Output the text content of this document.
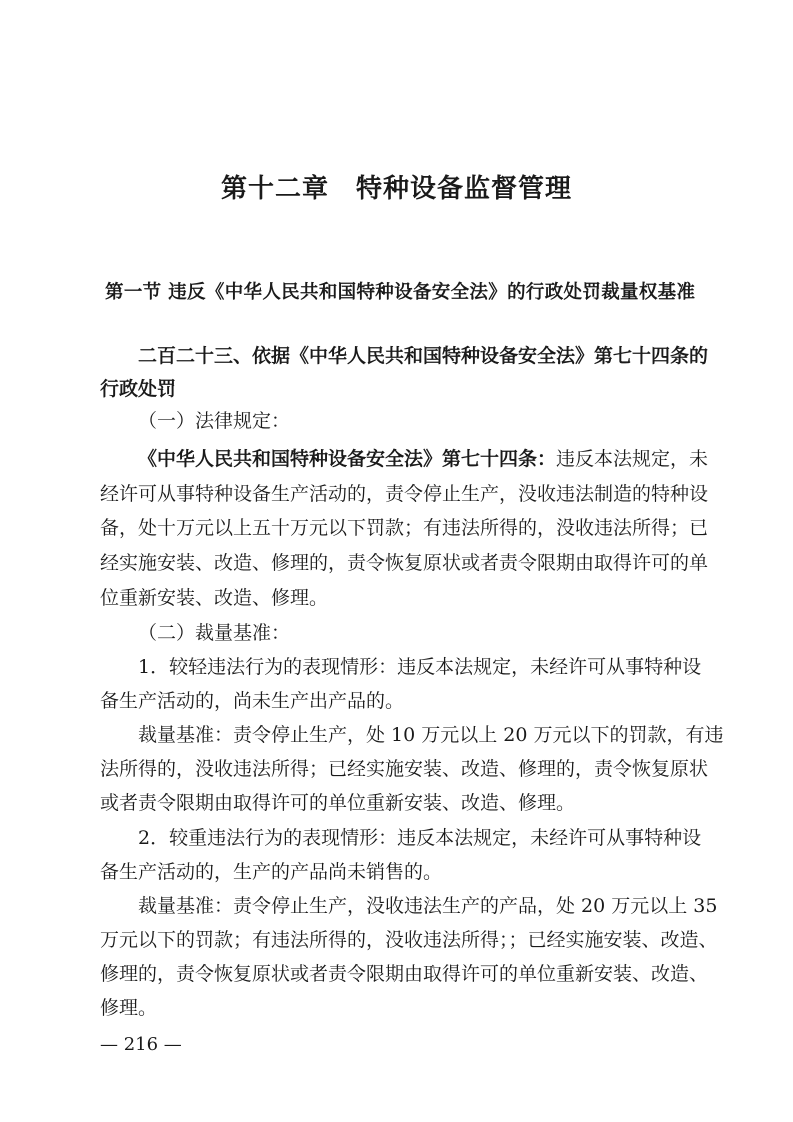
第十二章　特种设备监督管理
第一节 违反《中华人民共和国特种设备安全法》的行政处罚裁量权基准
二百二十三、依据《中华人民共和国特种设备安全法》第七十四条的
行政处罚
（一）法律规定：
《中华人民共和国特种设备安全法》第七十四条：违反本法规定，未
经许可从事特种设备生产活动的，责令停止生产，没收违法制造的特种设
备，处十万元以上五十万元以下罚款；有违法所得的，没收违法所得；已
经实施安装、改造、修理的，责令恢复原状或者责令限期由取得许可的单
位重新安装、改造、修理。
（二）裁量基准：
1．较轻违法行为的表现情形：违反本法规定，未经许可从事特种设
备生产活动的，尚未生产出产品的。
裁量基准：责令停止生产，处 10 万元以上 20 万元以下的罚款，有违
法所得的，没收违法所得；已经实施安装、改造、修理的，责令恢复原状
或者责令限期由取得许可的单位重新安装、改造、修理。
2．较重违法行为的表现情形：违反本法规定，未经许可从事特种设
备生产活动的，生产的产品尚未销售的。
裁量基准：责令停止生产，没收违法生产的产品，处 20 万元以上 35
万元以下的罚款；有违法所得的，没收违法所得；；已经实施安装、改造、
修理的，责令恢复原状或者责令限期由取得许可的单位重新安装、改造、
修理。
— 216 —
